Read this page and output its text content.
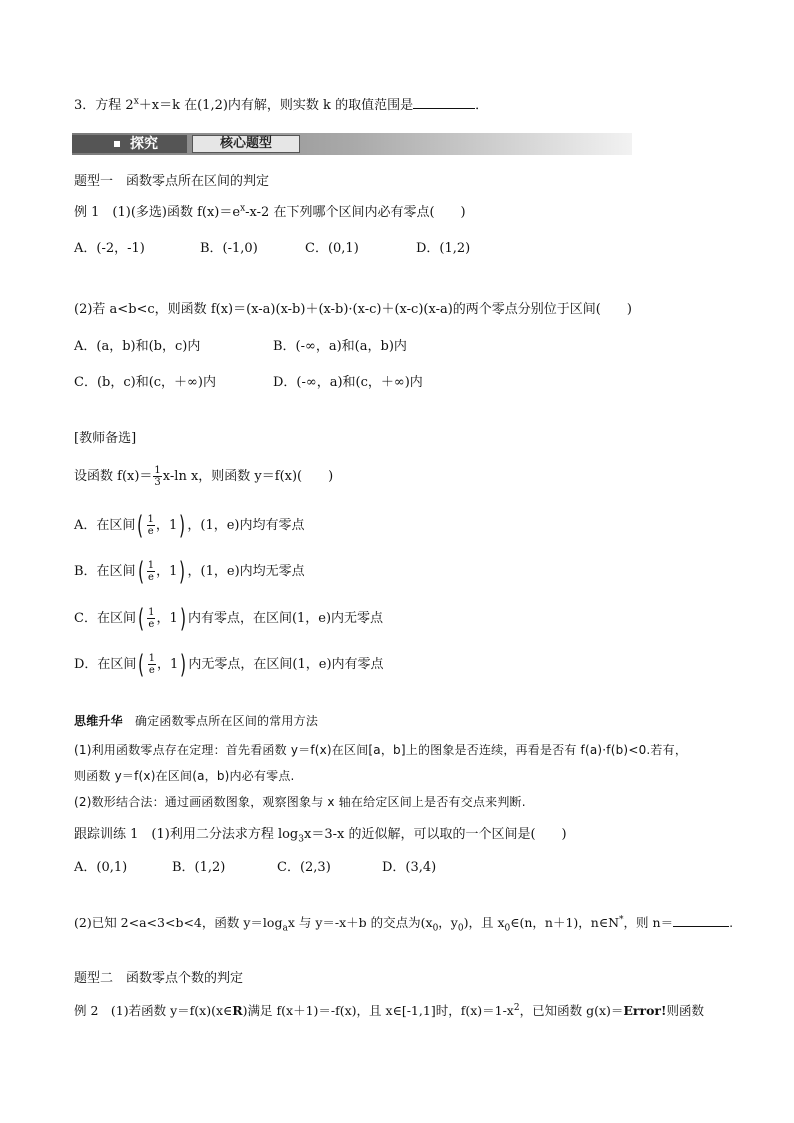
3．方程 $2^x+x=k$ 在(1,2)内有解，则实数 k 的取值范围是	．
探究	核心题型
题型一　函数零点所在区间的判定
例 1　(1)(多选)函数 $f(x)=e^x-x-2$ 在下列哪个区间内必有零点(　　)
A．(-2，-1)	B．(-1,0)	C．(0,1)	D．(1,2)
(2)若 a<b<c，则函数 f(x)＝(x-a)(x-b)＋(x-b)·(x-c)＋(x-c)(x-a)的两个零点分别位于区间(　　)
A．(a，b)和(b，c)内	B．(-∞，a)和(a，b)内
C．(b，c)和(c，＋∞)内	D．(-∞，a)和(c，＋∞)内
[教师备选]
设函数 $f(x)= \frac{1}{3} x-\ln$ x，则函数 y＝f(x)(　　)
A．在区间( $\frac{1}{e}$ ，1) ，(1，e)内均有零点
B．在区间( $\frac{1}{e}$ ，1) ，(1，e)内均无零点
C．在区间( $\frac{1}{e}$ ，1) 内有零点，在区间(1，e)内无零点
D．在区间( $\frac{1}{e}$ ，1) 内无零点，在区间(1，e)内有零点
思维升华　确定函数零点所在区间的常用方法
(1)利用函数零点存在定理：首先看函数 y＝f(x)在区间[a，b]上的图象是否连续，再看是否有 f(a)·f(b)<0.若有，
则函数 y＝f(x)在区间(a，b)内必有零点.
(2)数形结合法：通过画函数图象，观察图象与 x 轴在给定区间上是否有交点来判断.
跟踪训练 1　(1)利用二分法求方程 $\log_3x=3-x$ 的近似解，可以取的一个区间是(　　)
A．(0,1)	B．(1,2)	C．(2,3)	D．(3,4)
(2)已知 2<a<3<b<4，函数 $y=\log_ax$ 与 y＝-x＋b 的交点为($x_0$，$y_0$)，且 $x_0\in(n$，n＋1)，n∈N*，则 n＝	.
题型二　函数零点个数的判定
例 2　(1)若函数 y＝f(x)(x∈R)满足 f(x＋1)＝-f(x)，且 x∈[-1,1]时，$f(x)=1-x^2$，已知函数 g(x)＝Error!则函数
